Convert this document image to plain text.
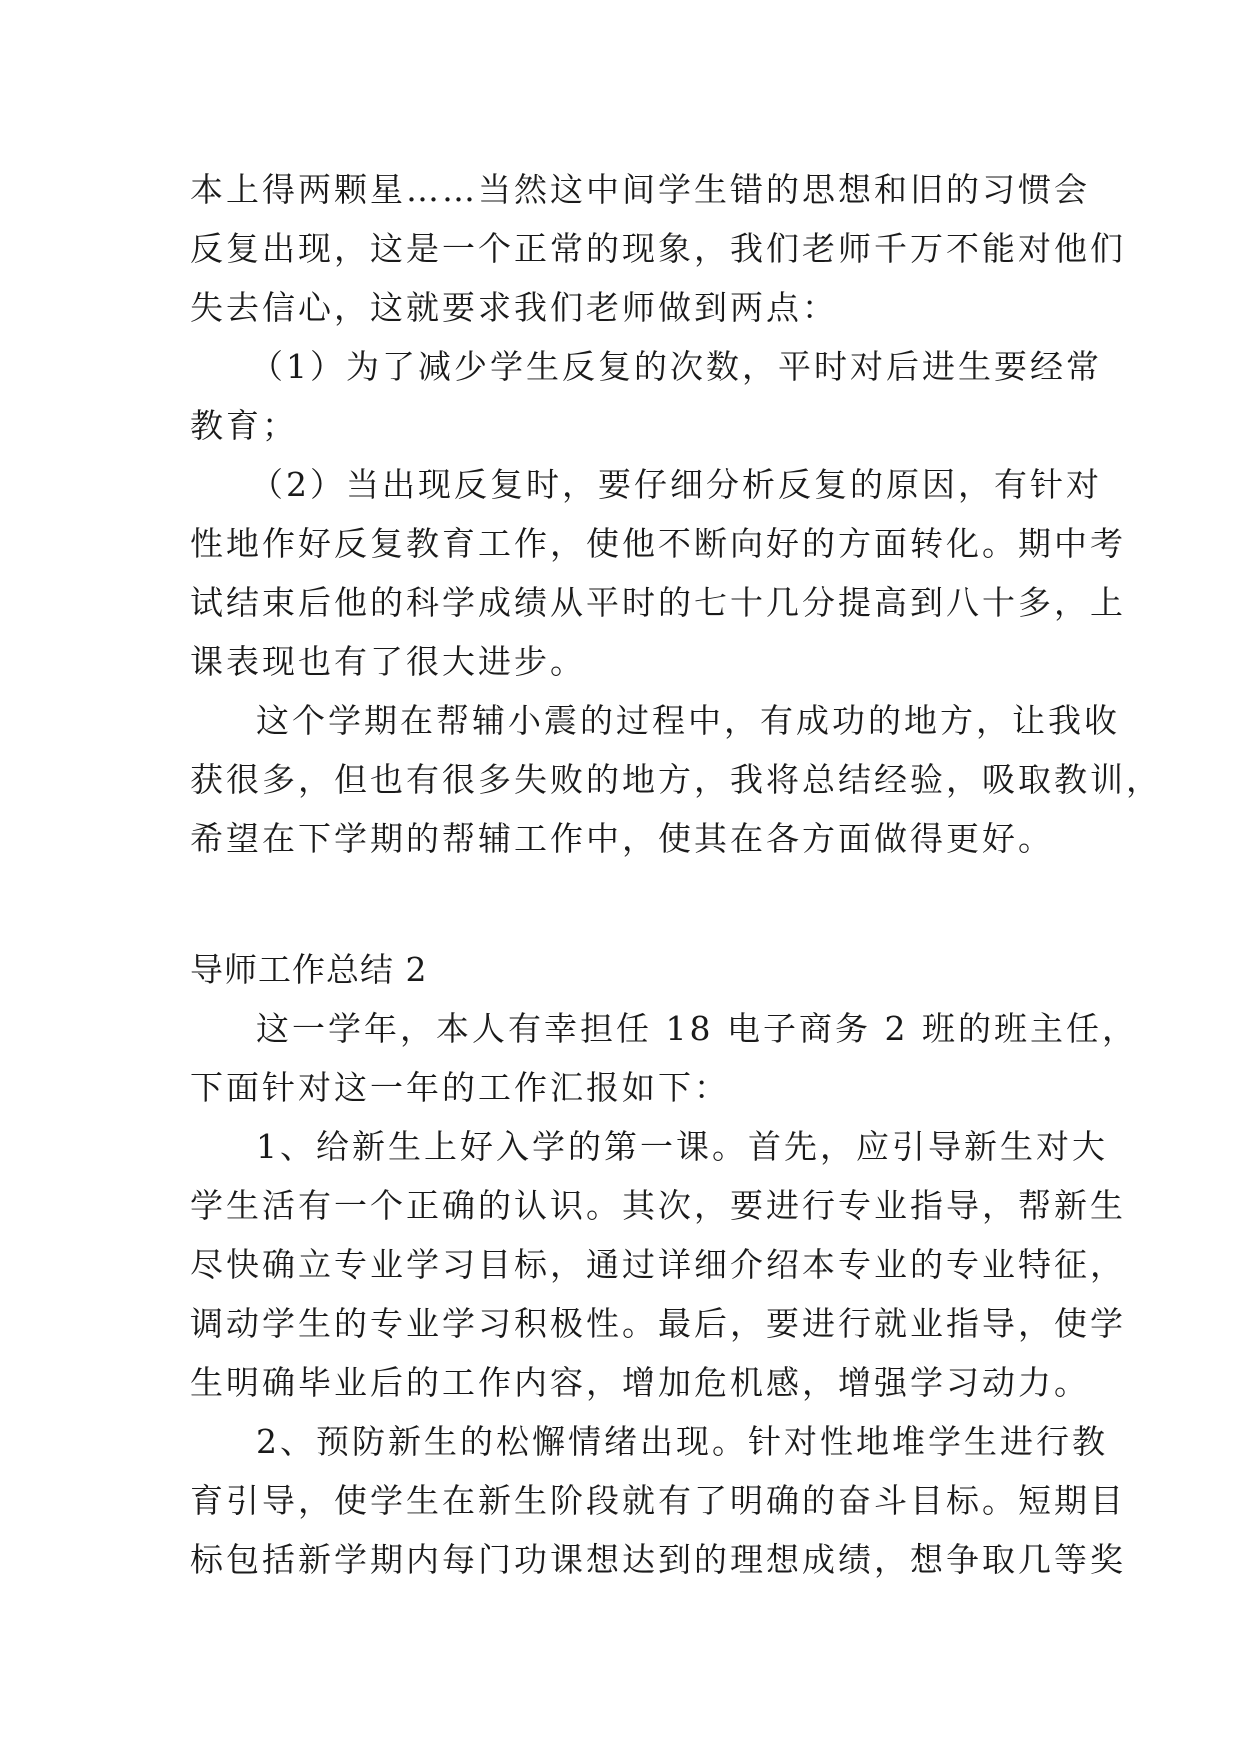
本上得两颗星……当然这中间学生错的思想和旧的习惯会
反复出现，这是一个正常的现象，我们老师千万不能对他们
失去信心，这就要求我们老师做到两点：
（1）为了减少学生反复的次数，平时对后进生要经常
教育；
（2）当出现反复时，要仔细分析反复的原因，有针对
性地作好反复教育工作，使他不断向好的方面转化。期中考
试结束后他的科学成绩从平时的七十几分提高到八十多，上
课表现也有了很大进步。
这个学期在帮辅小震的过程中，有成功的地方，让我收
获很多，但也有很多失败的地方，我将总结经验，吸取教训，
希望在下学期的帮辅工作中，使其在各方面做得更好。
导师工作总结 2
这一学年，本人有幸担任 18 电子商务 2 班的班主任，
下面针对这一年的工作汇报如下：
1、给新生上好入学的第一课。首先，应引导新生对大
学生活有一个正确的认识。其次，要进行专业指导，帮新生
尽快确立专业学习目标，通过详细介绍本专业的专业特征，
调动学生的专业学习积极性。最后，要进行就业指导，使学
生明确毕业后的工作内容，增加危机感，增强学习动力。
2、预防新生的松懈情绪出现。针对性地堆学生进行教
育引导，使学生在新生阶段就有了明确的奋斗目标。短期目
标包括新学期内每门功课想达到的理想成绩，想争取几等奖
